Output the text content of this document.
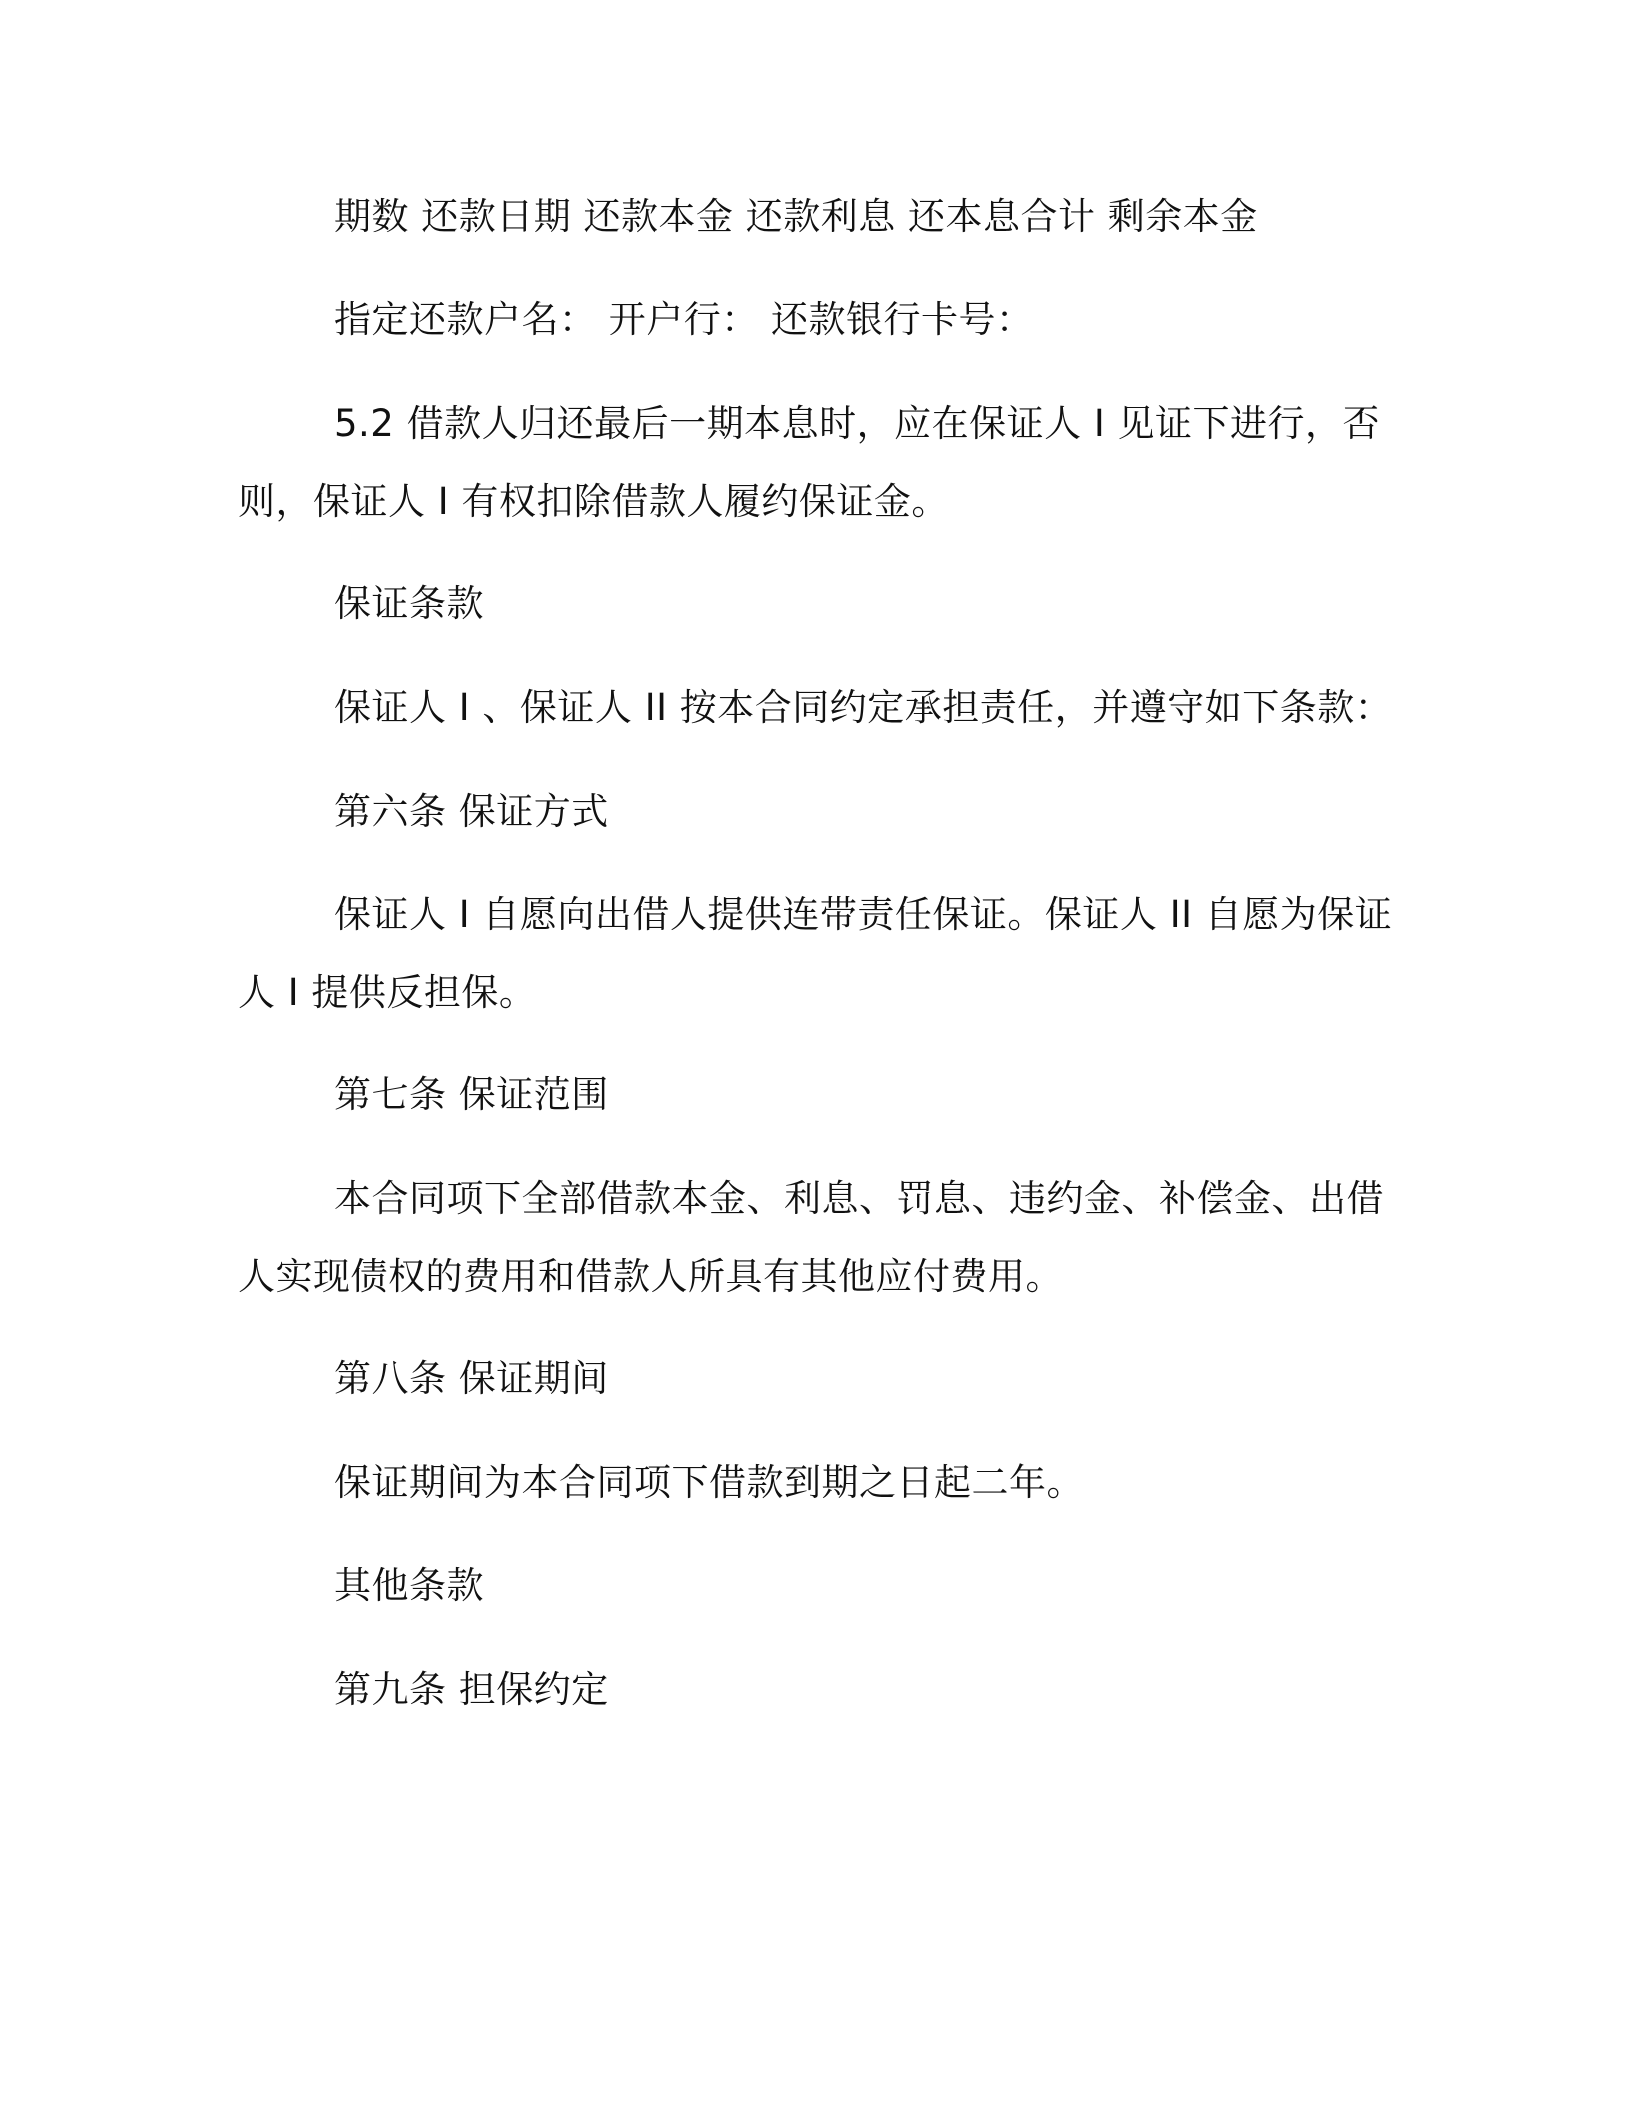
期数 还款日期 还款本金 还款利息 还本息合计 剩余本金
指定还款户名： 开户行： 还款银行卡号：
5.2 借款人归还最后一期本息时，应在保证人 I 见证下进行，否
则，保证人 I 有权扣除借款人履约保证金。
保证条款
保证人 I 、保证人 II 按本合同约定承担责任，并遵守如下条款：
第六条 保证方式
保证人 I 自愿向出借人提供连带责任保证。保证人 II 自愿为保证
人 I 提供反担保。
第七条 保证范围
本合同项下全部借款本金、利息、罚息、违约金、补偿金、出借
人实现债权的费用和借款人所具有其他应付费用。
第八条 保证期间
保证期间为本合同项下借款到期之日起二年。
其他条款
第九条 担保约定
